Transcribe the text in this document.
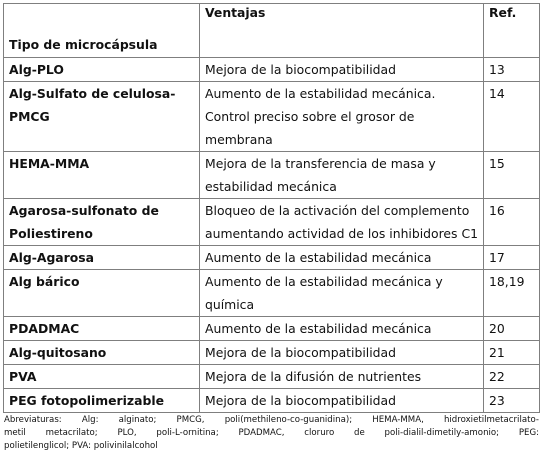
Tipo de microcápsula	Ventajas	Ref.

Alg-PLO	Mejora de la biocompatibilidad	13

Alg-Sulfato de celulosa-
PMCG	Aumento de la estabilidad mecánica.
Control preciso sobre el grosor de
membrana	14

HEMA-MMA	Mejora de la transferencia de masa y
estabilidad mecánica	15

Agarosa-sulfonato de
Poliestireno	Bloqueo de la activación del complemento
aumentando actividad de los inhibidores C1	16

Alg-Agarosa	Aumento de la estabilidad mecánica	17

Alg bárico	Aumento de la estabilidad mecánica y
química	18,19

PDADMAC	Aumento de la estabilidad mecánica	20

Alg-quitosano	Mejora de la biocompatibilidad	21

PVA	Mejora de la difusión de nutrientes	22

PEG fotopolimerizable	Mejora de la biocompatibilidad	23
Abreviaturas: Alg: alginato; PMCG, poli(methileno-co-guanidina); HEMA-MMA, hidroxietilmetacrilato-
metil metacrilato; PLO, poli-L-ornitina; PDADMAC, cloruro de poli-dialil-dimetily-amonio; PEG:
polietilenglicol; PVA: polivinilalcohol
